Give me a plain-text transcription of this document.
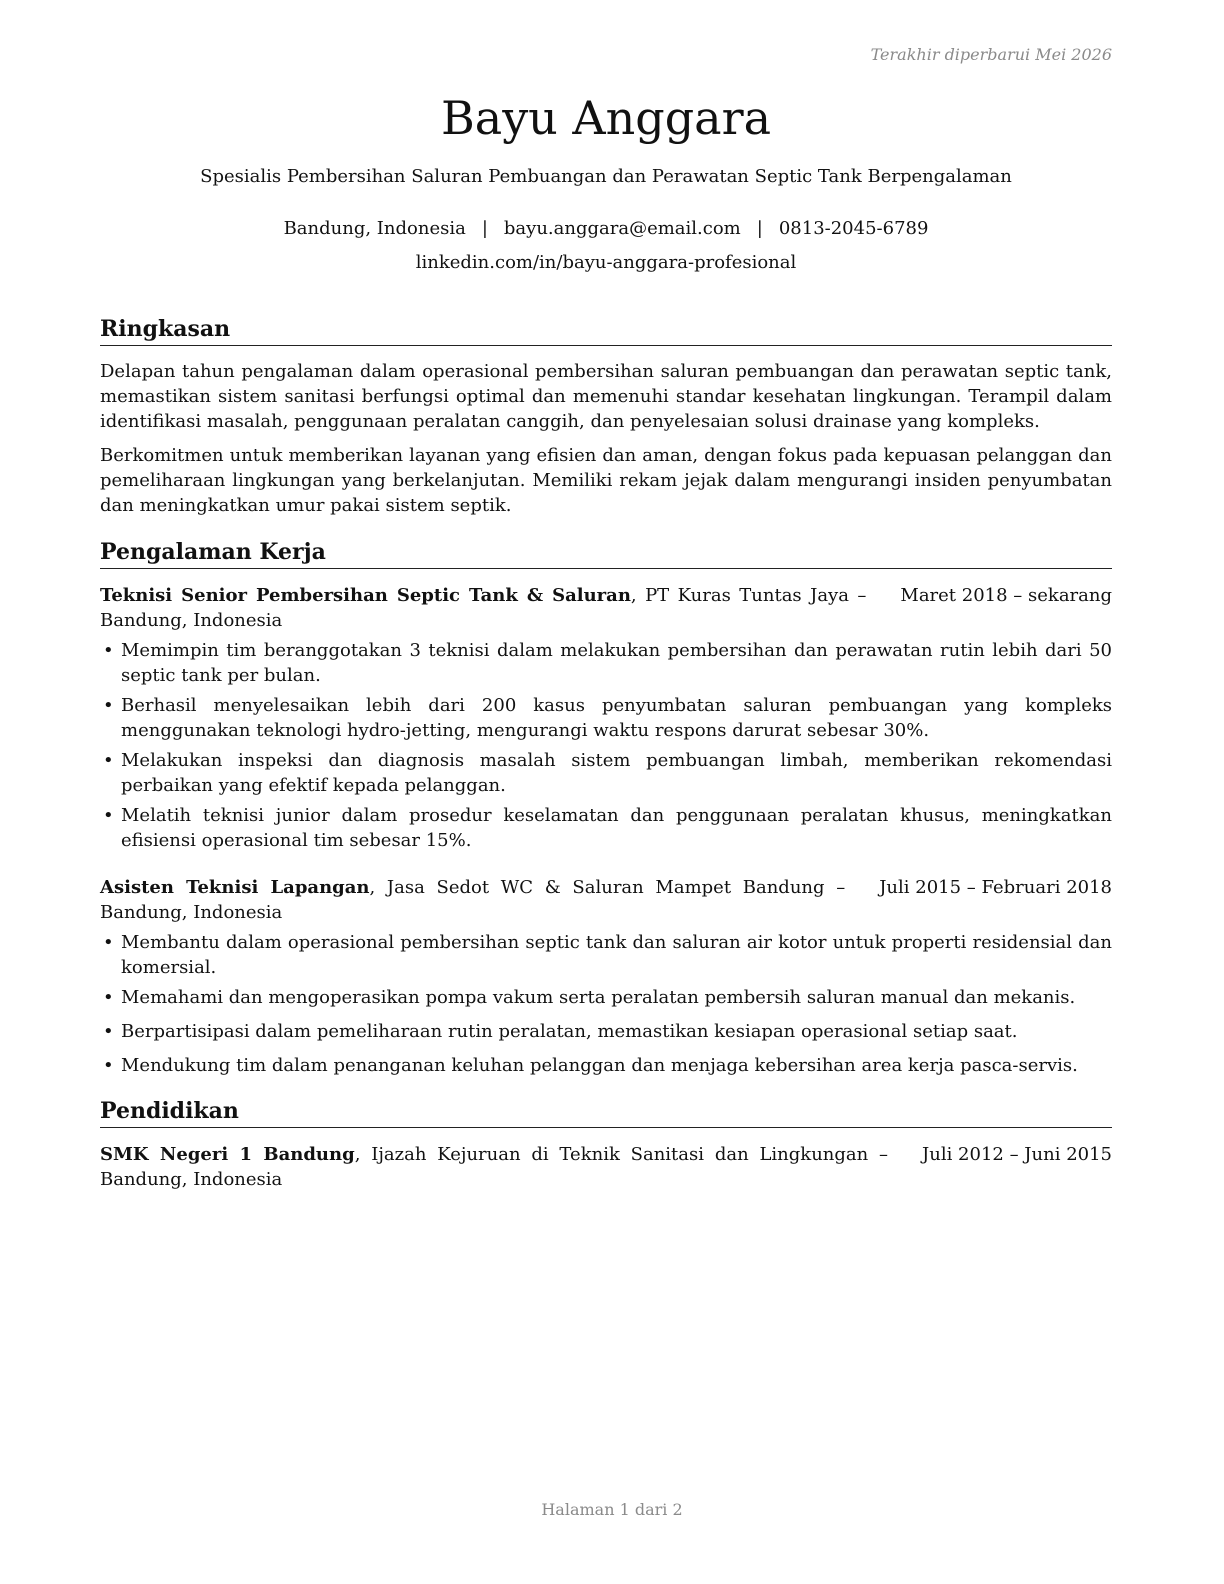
Terakhir diperbarui Mei 2026
Bayu Anggara
Spesialis Pembersihan Saluran Pembuangan dan Perawatan Septic Tank Berpengalaman
Bandung, Indonesia | bayu.anggara@email.com | 0813-2045-6789
linkedin.com/in/bayu-anggara-profesional
Ringkasan

Delapan tahun pengalaman dalam operasional pembersihan saluran pembuangan dan perawatan septic tank, memastikan sistem sanitasi berfungsi optimal dan memenuhi standar kesehatan lingkungan. Terampil dalam identifikasi masalah, penggunaan peralatan canggih, dan penyelesaian solusi drainase yang kompleks.

Berkomitmen untuk memberikan layanan yang efisien dan aman, dengan fokus pada kepuasan pelanggan dan pemeliharaan lingkungan yang berkelanjutan. Memiliki rekam jejak dalam mengurangi insiden penyumbatan dan meningkatkan umur pakai sistem septik.

Pengalaman Kerja
Teknisi Senior Pembersihan Septic Tank & Saluran, PT Kuras Tuntas Jaya – Bandung, Indonesia
Maret 2018 – sekarang
• Memimpin tim beranggotakan 3 teknisi dalam melakukan pembersihan dan perawatan rutin lebih dari 50 septic tank per bulan.
• Berhasil menyelesaikan lebih dari 200 kasus penyumbatan saluran pembuangan yang kompleks menggunakan teknologi hydro-jetting, mengurangi waktu respons darurat sebesar 30%.
• Melakukan inspeksi dan diagnosis masalah sistem pembuangan limbah, memberikan rekomendasi perbaikan yang efektif kepada pelanggan.
• Melatih teknisi junior dalam prosedur keselamatan dan penggunaan peralatan khusus, meningkatkan efisiensi operasional tim sebesar 15%.
Asisten Teknisi Lapangan, Jasa Sedot WC & Saluran Mampet Bandung – Bandung, Indonesia
Juli 2015 – Februari 2018
• Membantu dalam operasional pembersihan septic tank dan saluran air kotor untuk properti residensial dan komersial.
• Memahami dan mengoperasikan pompa vakum serta peralatan pembersih saluran manual dan mekanis.
• Berpartisipasi dalam pemeliharaan rutin peralatan, memastikan kesiapan operasional setiap saat.
• Mendukung tim dalam penanganan keluhan pelanggan dan menjaga kebersihan area kerja pasca-servis.
Pendidikan
SMK Negeri 1 Bandung, Ijazah Kejuruan di Teknik Sanitasi dan Lingkungan – Bandung, Indonesia
Juli 2012 – Juni 2015
Halaman 1 dari 2
